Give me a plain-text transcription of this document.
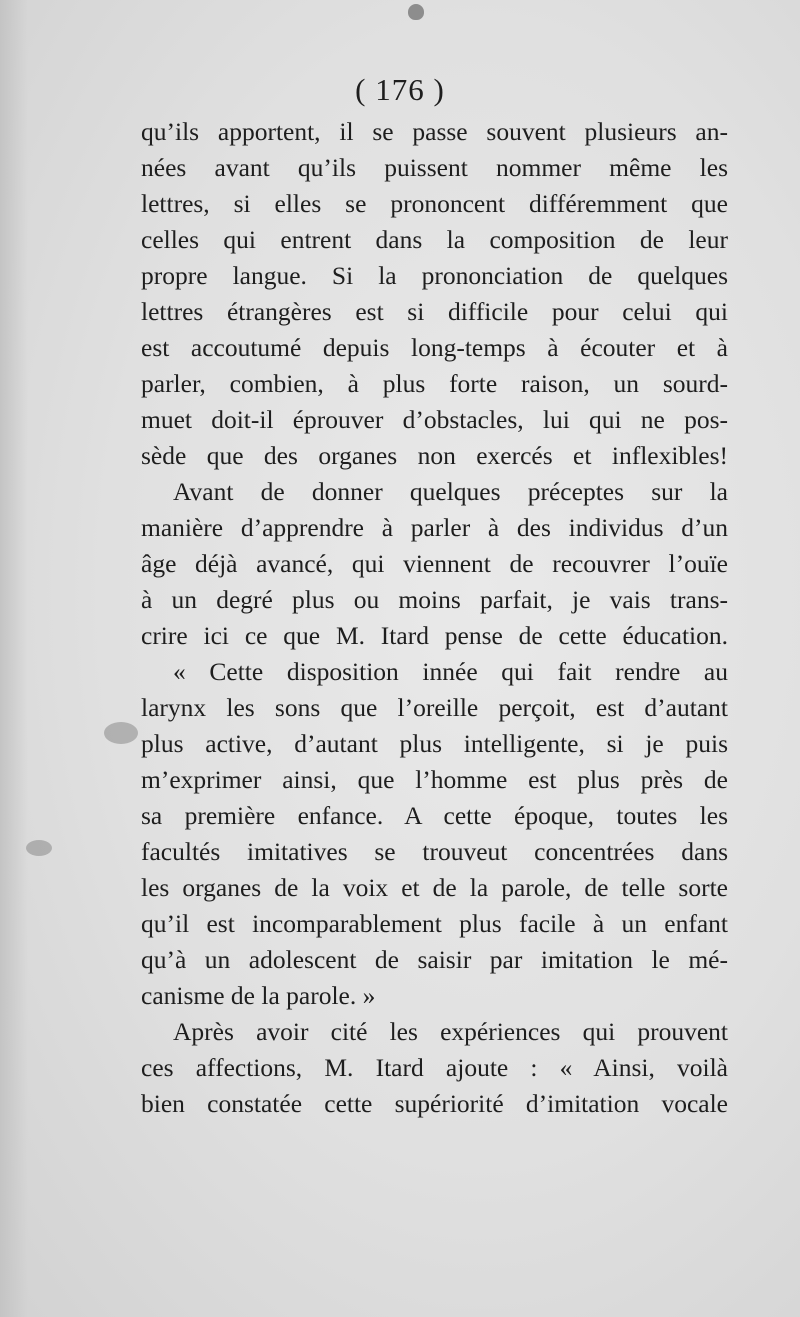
( 176 )
qu’ils apportent, il se passe souvent plusieurs an-
nées avant qu’ils puissent nommer même les
lettres, si elles se prononcent différemment que
celles qui entrent dans la composition de leur
propre langue. Si la prononciation de quelques
lettres étrangères est si difficile pour celui qui
est accoutumé depuis long-temps à écouter et à
parler, combien, à plus forte raison, un sourd-
muet doit-il éprouver d’obstacles, lui qui ne pos-
sède que des organes non exercés et inflexibles!
Avant de donner quelques préceptes sur la
manière d’apprendre à parler à des individus d’un
âge déjà avancé, qui viennent de recouvrer l’ouïe
à un degré plus ou moins parfait, je vais trans-
crire ici ce que M. Itard pense de cette éducation.
« Cette disposition innée qui fait rendre au
larynx les sons que l’oreille perçoit, est d’autant
plus active, d’autant plus intelligente, si je puis
m’exprimer ainsi, que l’homme est plus près de
sa première enfance. A cette époque, toutes les
facultés imitatives se trouveut concentrées dans
les organes de la voix et de la parole, de telle sorte
qu’il est incomparablement plus facile à un enfant
qu’à un adolescent de saisir par imitation le mé-
canisme de la parole. »
Après avoir cité les expériences qui prouvent
ces affections, M. Itard ajoute : « Ainsi, voilà
bien constatée cette supériorité d’imitation vocale
